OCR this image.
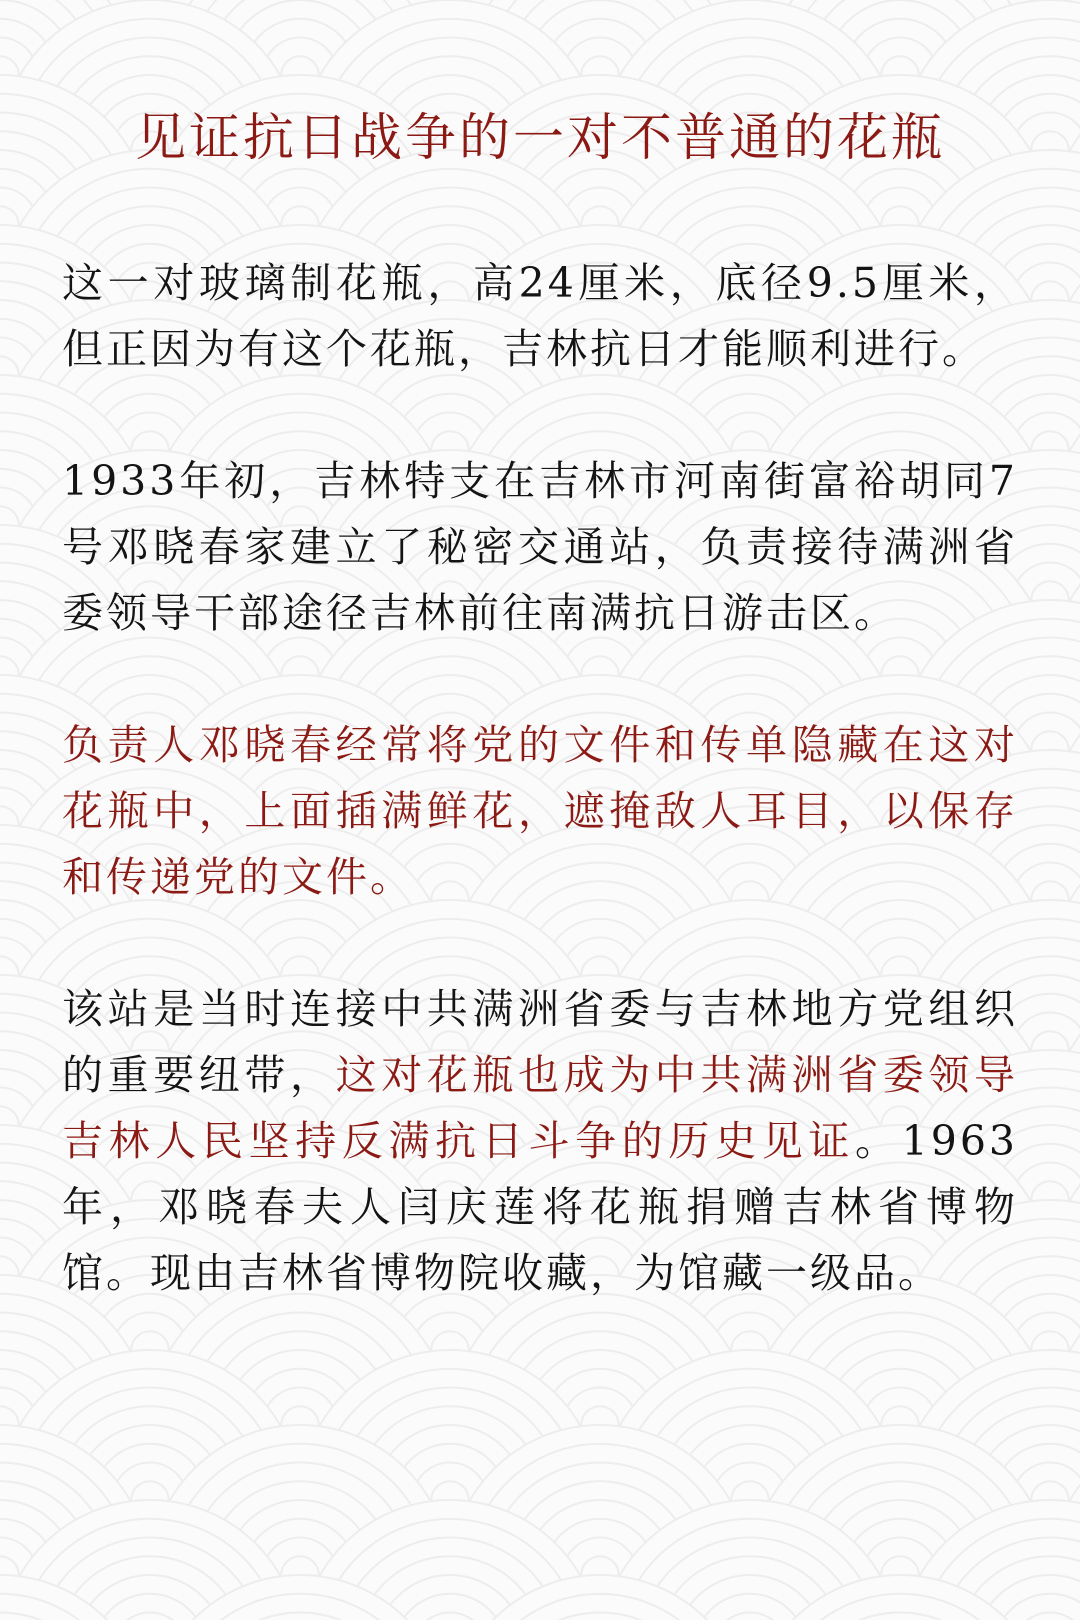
见证抗日战争的一对不普通的花瓶

这一对玻璃制花瓶，高24厘米，底径9.5厘米，但正因为有这个花瓶，吉林抗日才能顺利进行。

1933年初，吉林特支在吉林市河南街富裕胡同7号邓晓春家建立了秘密交通站，负责接待满洲省委领导干部途径吉林前往南满抗日游击区。

负责人邓晓春经常将党的文件和传单隐藏在这对花瓶中，上面插满鲜花，遮掩敌人耳目，以保存和传递党的文件。

该站是当时连接中共满洲省委与吉林地方党组织的重要纽带，这对花瓶也成为中共满洲省委领导吉林人民坚持反满抗日斗争的历史见证。1963年，邓晓春夫人闫庆莲将花瓶捐赠吉林省博物馆。现由吉林省博物院收藏，为馆藏一级品。
